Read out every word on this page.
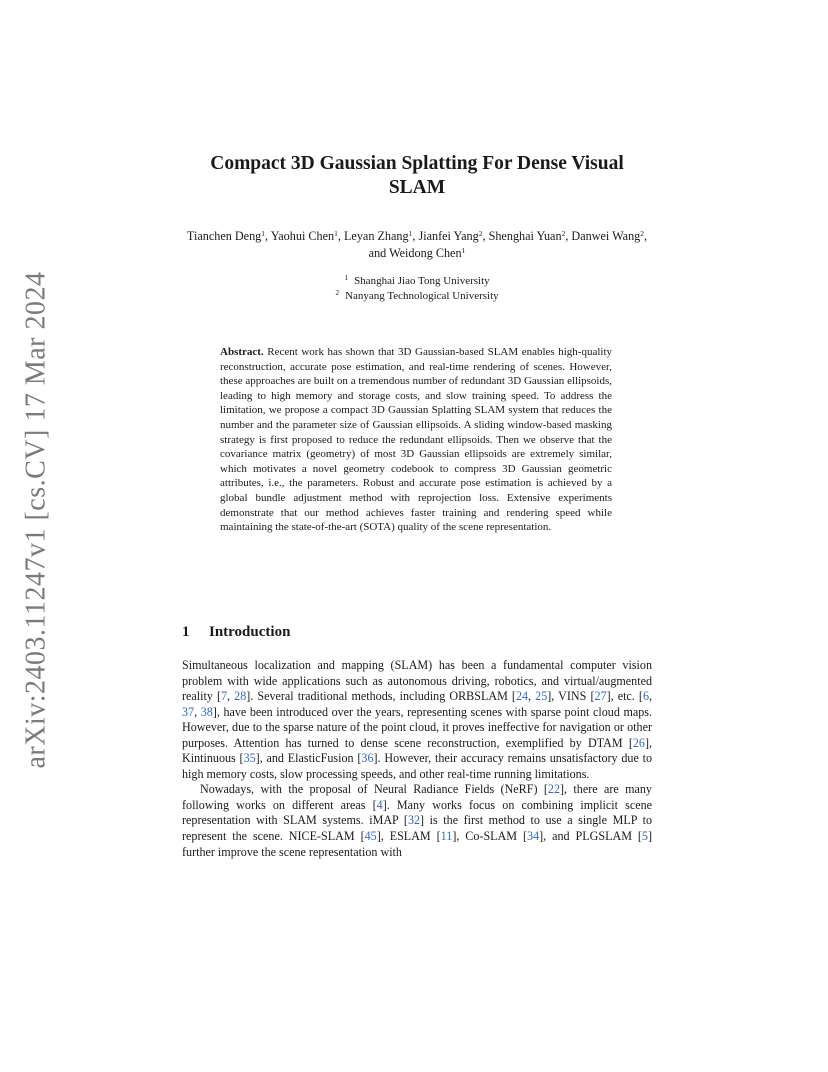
arXiv:2403.11247v1 [cs.CV] 17 Mar 2024
Compact 3D Gaussian Splatting For Dense Visual SLAM
Tianchen Deng$^1$, Yaohui Chen$^1$, Leyan Zhang$^1$, Jianfei Yang$^2$, Shenghai Yuan$^2$, Danwei Wang$^2$, and Weidong Chen$^1$
$^1$ Shanghai Jiao Tong University
$^2$ Nanyang Technological University

Abstract. Recent work has shown that 3D Gaussian-based SLAM enables high-quality reconstruction, accurate pose estimation, and real-time rendering of scenes. However, these approaches are built on a tremendous number of redundant 3D Gaussian ellipsoids, leading to high memory and storage costs, and slow training speed. To address the limitation, we propose a compact 3D Gaussian Splatting SLAM system that reduces the number and the parameter size of Gaussian ellipsoids. A sliding window-based masking strategy is first proposed to reduce the redundant ellipsoids. Then we observe that the covariance matrix (geometry) of most 3D Gaussian ellipsoids are extremely similar, which motivates a novel geometry codebook to compress 3D Gaussian geometric attributes, i.e., the parameters. Robust and accurate pose estimation is achieved by a global bundle adjustment method with reprojection loss. Extensive experiments demonstrate that our method achieves faster training and rendering speed while maintaining the state-of-the-art (SOTA) quality of the scene representation.

1 Introduction

Simultaneous localization and mapping (SLAM) has been a fundamental computer vision problem with wide applications such as autonomous driving, robotics, and virtual/augmented reality [7, 28]. Several traditional methods, including ORBSLAM [24, 25], VINS [27], etc. [6, 37, 38], have been introduced over the years, representing scenes with sparse point cloud maps. However, due to the sparse nature of the point cloud, it proves ineffective for navigation or other purposes. Attention has turned to dense scene reconstruction, exemplified by DTAM [26], Kintinuous [35], and ElasticFusion [36]. However, their accuracy remains unsatisfactory due to high memory costs, slow processing speeds, and other real-time running limitations.

Nowadays, with the proposal of Neural Radiance Fields (NeRF) [22], there are many following works on different areas [4]. Many works focus on combining implicit scene representation with SLAM systems. iMAP [32] is the first method to use a single MLP to represent the scene. NICE-SLAM [45], ESLAM [11], Co-SLAM [34], and PLGSLAM [5] further improve the scene representation with
